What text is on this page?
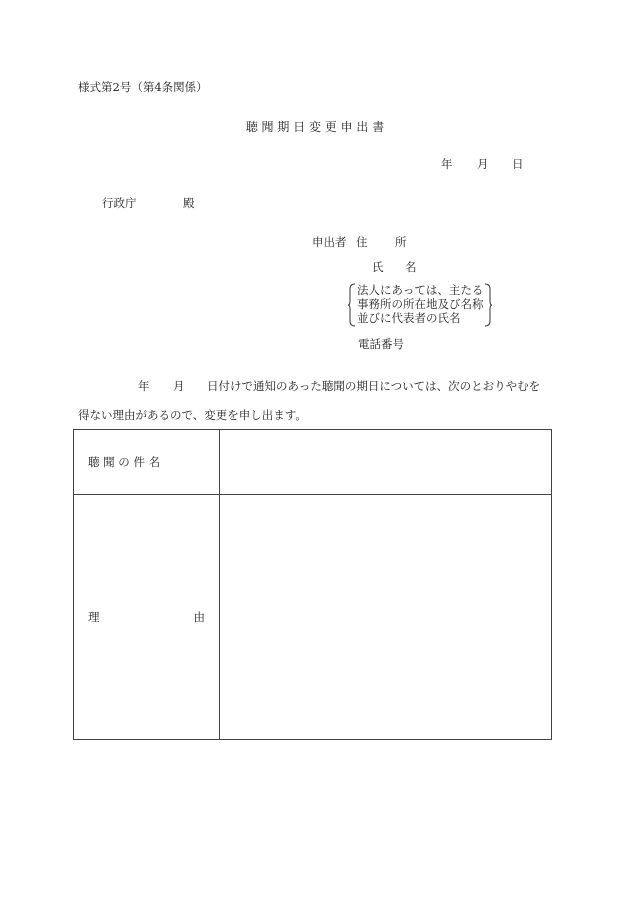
様式第2号（第4条関係）
聴 聞 期 日 変 更 申 出 書
年 月 日
行政庁	殿
申出者 住 所
氏 名
法人にあっては、主たる
事務所の所在地及び名称
並びに代表者の氏名
電話番号
年 月 日付けで通知のあった聴聞の期日については、次のとおりやむを
得ない理由があるので、変更を申し出ます。
聴 聞 の 件 名	

理 由	
